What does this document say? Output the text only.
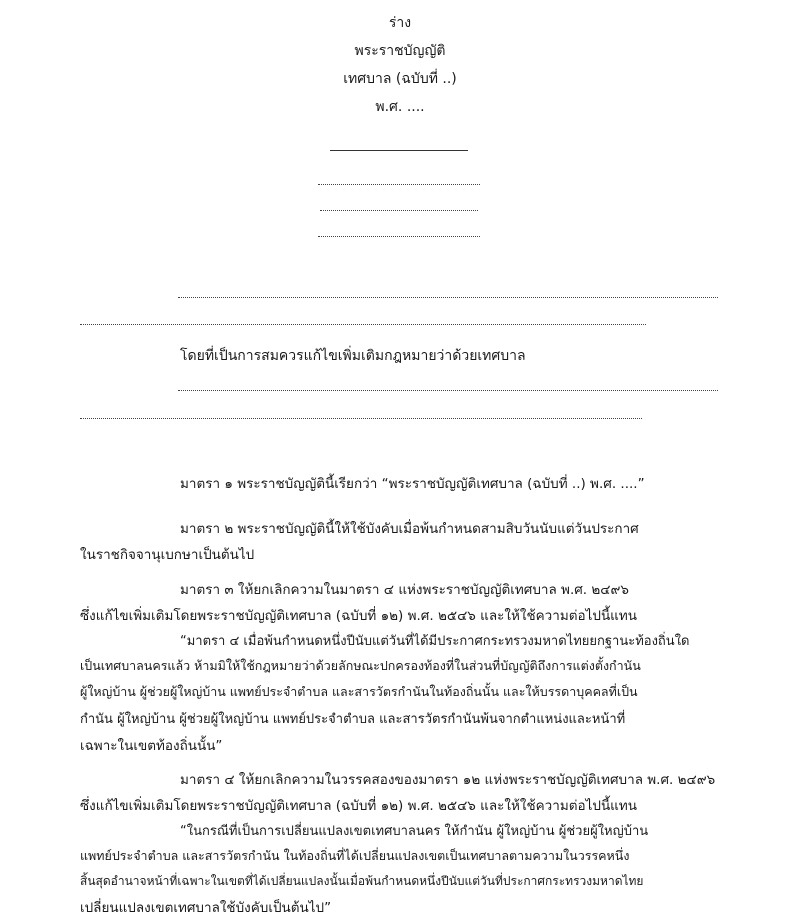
ร่าง
พระราชบัญญัติ
เทศบาล (ฉบับที่ ..)
พ.ศ. ....
โดยที่เป็นการสมควรแก้ไขเพิ่มเติมกฎหมายว่าด้วยเทศบาล
มาตรา ๑ พระราชบัญญัตินี้เรียกว่า “พระราชบัญญัติเทศบาล (ฉบับที่ ..) พ.ศ. ....”
มาตรา ๒ พระราชบัญญัตินี้ให้ใช้บังคับเมื่อพ้นกำหนดสามสิบวันนับแต่วันประกาศ
ในราชกิจจานุเบกษาเป็นต้นไป
มาตรา ๓ ให้ยกเลิกความในมาตรา ๔ แห่งพระราชบัญญัติเทศบาล พ.ศ. ๒๔๙๖
ซึ่งแก้ไขเพิ่มเติมโดยพระราชบัญญัติเทศบาล (ฉบับที่ ๑๒) พ.ศ. ๒๕๔๖ และให้ใช้ความต่อไปนี้แทน
“มาตรา ๔ เมื่อพ้นกำหนดหนึ่งปีนับแต่วันที่ได้มีประกาศกระทรวงมหาดไทยยกฐานะท้องถิ่นใด
เป็นเทศบาลนครแล้ว ห้ามมิให้ใช้กฎหมายว่าด้วยลักษณะปกครองท้องที่ในส่วนที่บัญญัติถึงการแต่งตั้งกำนัน
ผู้ใหญ่บ้าน ผู้ช่วยผู้ใหญ่บ้าน แพทย์ประจำตำบล และสารวัตรกำนันในท้องถิ่นนั้น และให้บรรดาบุคคลที่เป็น
กำนัน ผู้ใหญ่บ้าน ผู้ช่วยผู้ใหญ่บ้าน แพทย์ประจำตำบล และสารวัตรกำนันพ้นจากตำแหน่งและหน้าที่
เฉพาะในเขตท้องถิ่นนั้น”
มาตรา ๔ ให้ยกเลิกความในวรรคสองของมาตรา ๑๒ แห่งพระราชบัญญัติเทศบาล พ.ศ. ๒๔๙๖
ซึ่งแก้ไขเพิ่มเติมโดยพระราชบัญญัติเทศบาล (ฉบับที่ ๑๒) พ.ศ. ๒๕๔๖ และให้ใช้ความต่อไปนี้แทน
“ในกรณีที่เป็นการเปลี่ยนแปลงเขตเทศบาลนคร ให้กำนัน ผู้ใหญ่บ้าน ผู้ช่วยผู้ใหญ่บ้าน
แพทย์ประจำตำบล และสารวัตรกำนัน ในท้องถิ่นที่ได้เปลี่ยนแปลงเขตเป็นเทศบาลตามความในวรรคหนึ่ง
สิ้นสุดอำนาจหน้าที่เฉพาะในเขตที่ได้เปลี่ยนแปลงนั้นเมื่อพ้นกำหนดหนึ่งปีนับแต่วันที่ประกาศกระทรวงมหาดไทย
เปลี่ยนแปลงเขตเทศบาลใช้บังคับเป็นต้นไป”
